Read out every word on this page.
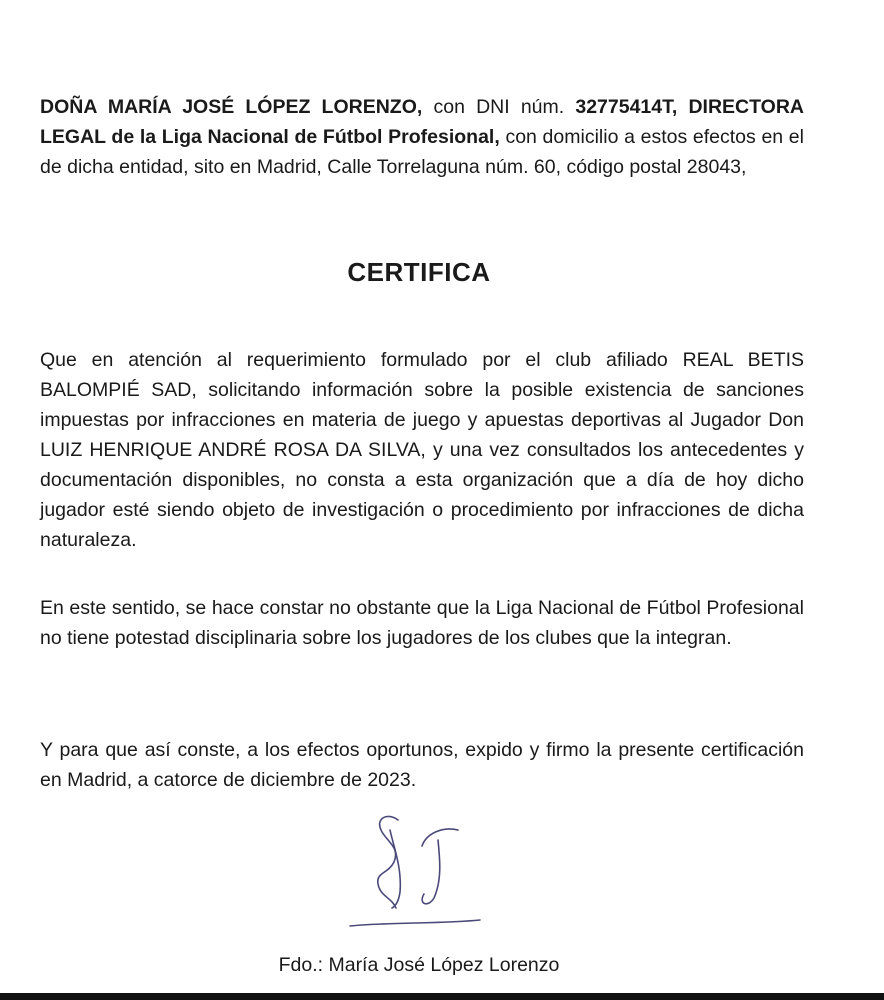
DOÑA MARÍA JOSÉ LÓPEZ LORENZO, con DNI núm. 32775414T, DIRECTORA LEGAL de la Liga Nacional de Fútbol Profesional, con domicilio a estos efectos en el de dicha entidad, sito en Madrid, Calle Torrelaguna núm. 60, código postal 28043,

CERTIFICA

Que en atención al requerimiento formulado por el club afiliado REAL BETIS BALOMPIÉ SAD, solicitando información sobre la posible existencia de sanciones impuestas por infracciones en materia de juego y apuestas deportivas al Jugador Don LUIZ HENRIQUE ANDRÉ ROSA DA SILVA, y una vez consultados los antecedentes y documentación disponibles, no consta a esta organización que a día de hoy dicho jugador esté siendo objeto de investigación o procedimiento por infracciones de dicha naturaleza.

En este sentido, se hace constar no obstante que la Liga Nacional de Fútbol Profesional no tiene potestad disciplinaria sobre los jugadores de los clubes que la integran.

Y para que así conste, a los efectos oportunos, expido y firmo la presente certificación en Madrid, a catorce de diciembre de 2023.

Fdo.: María José López Lorenzo
